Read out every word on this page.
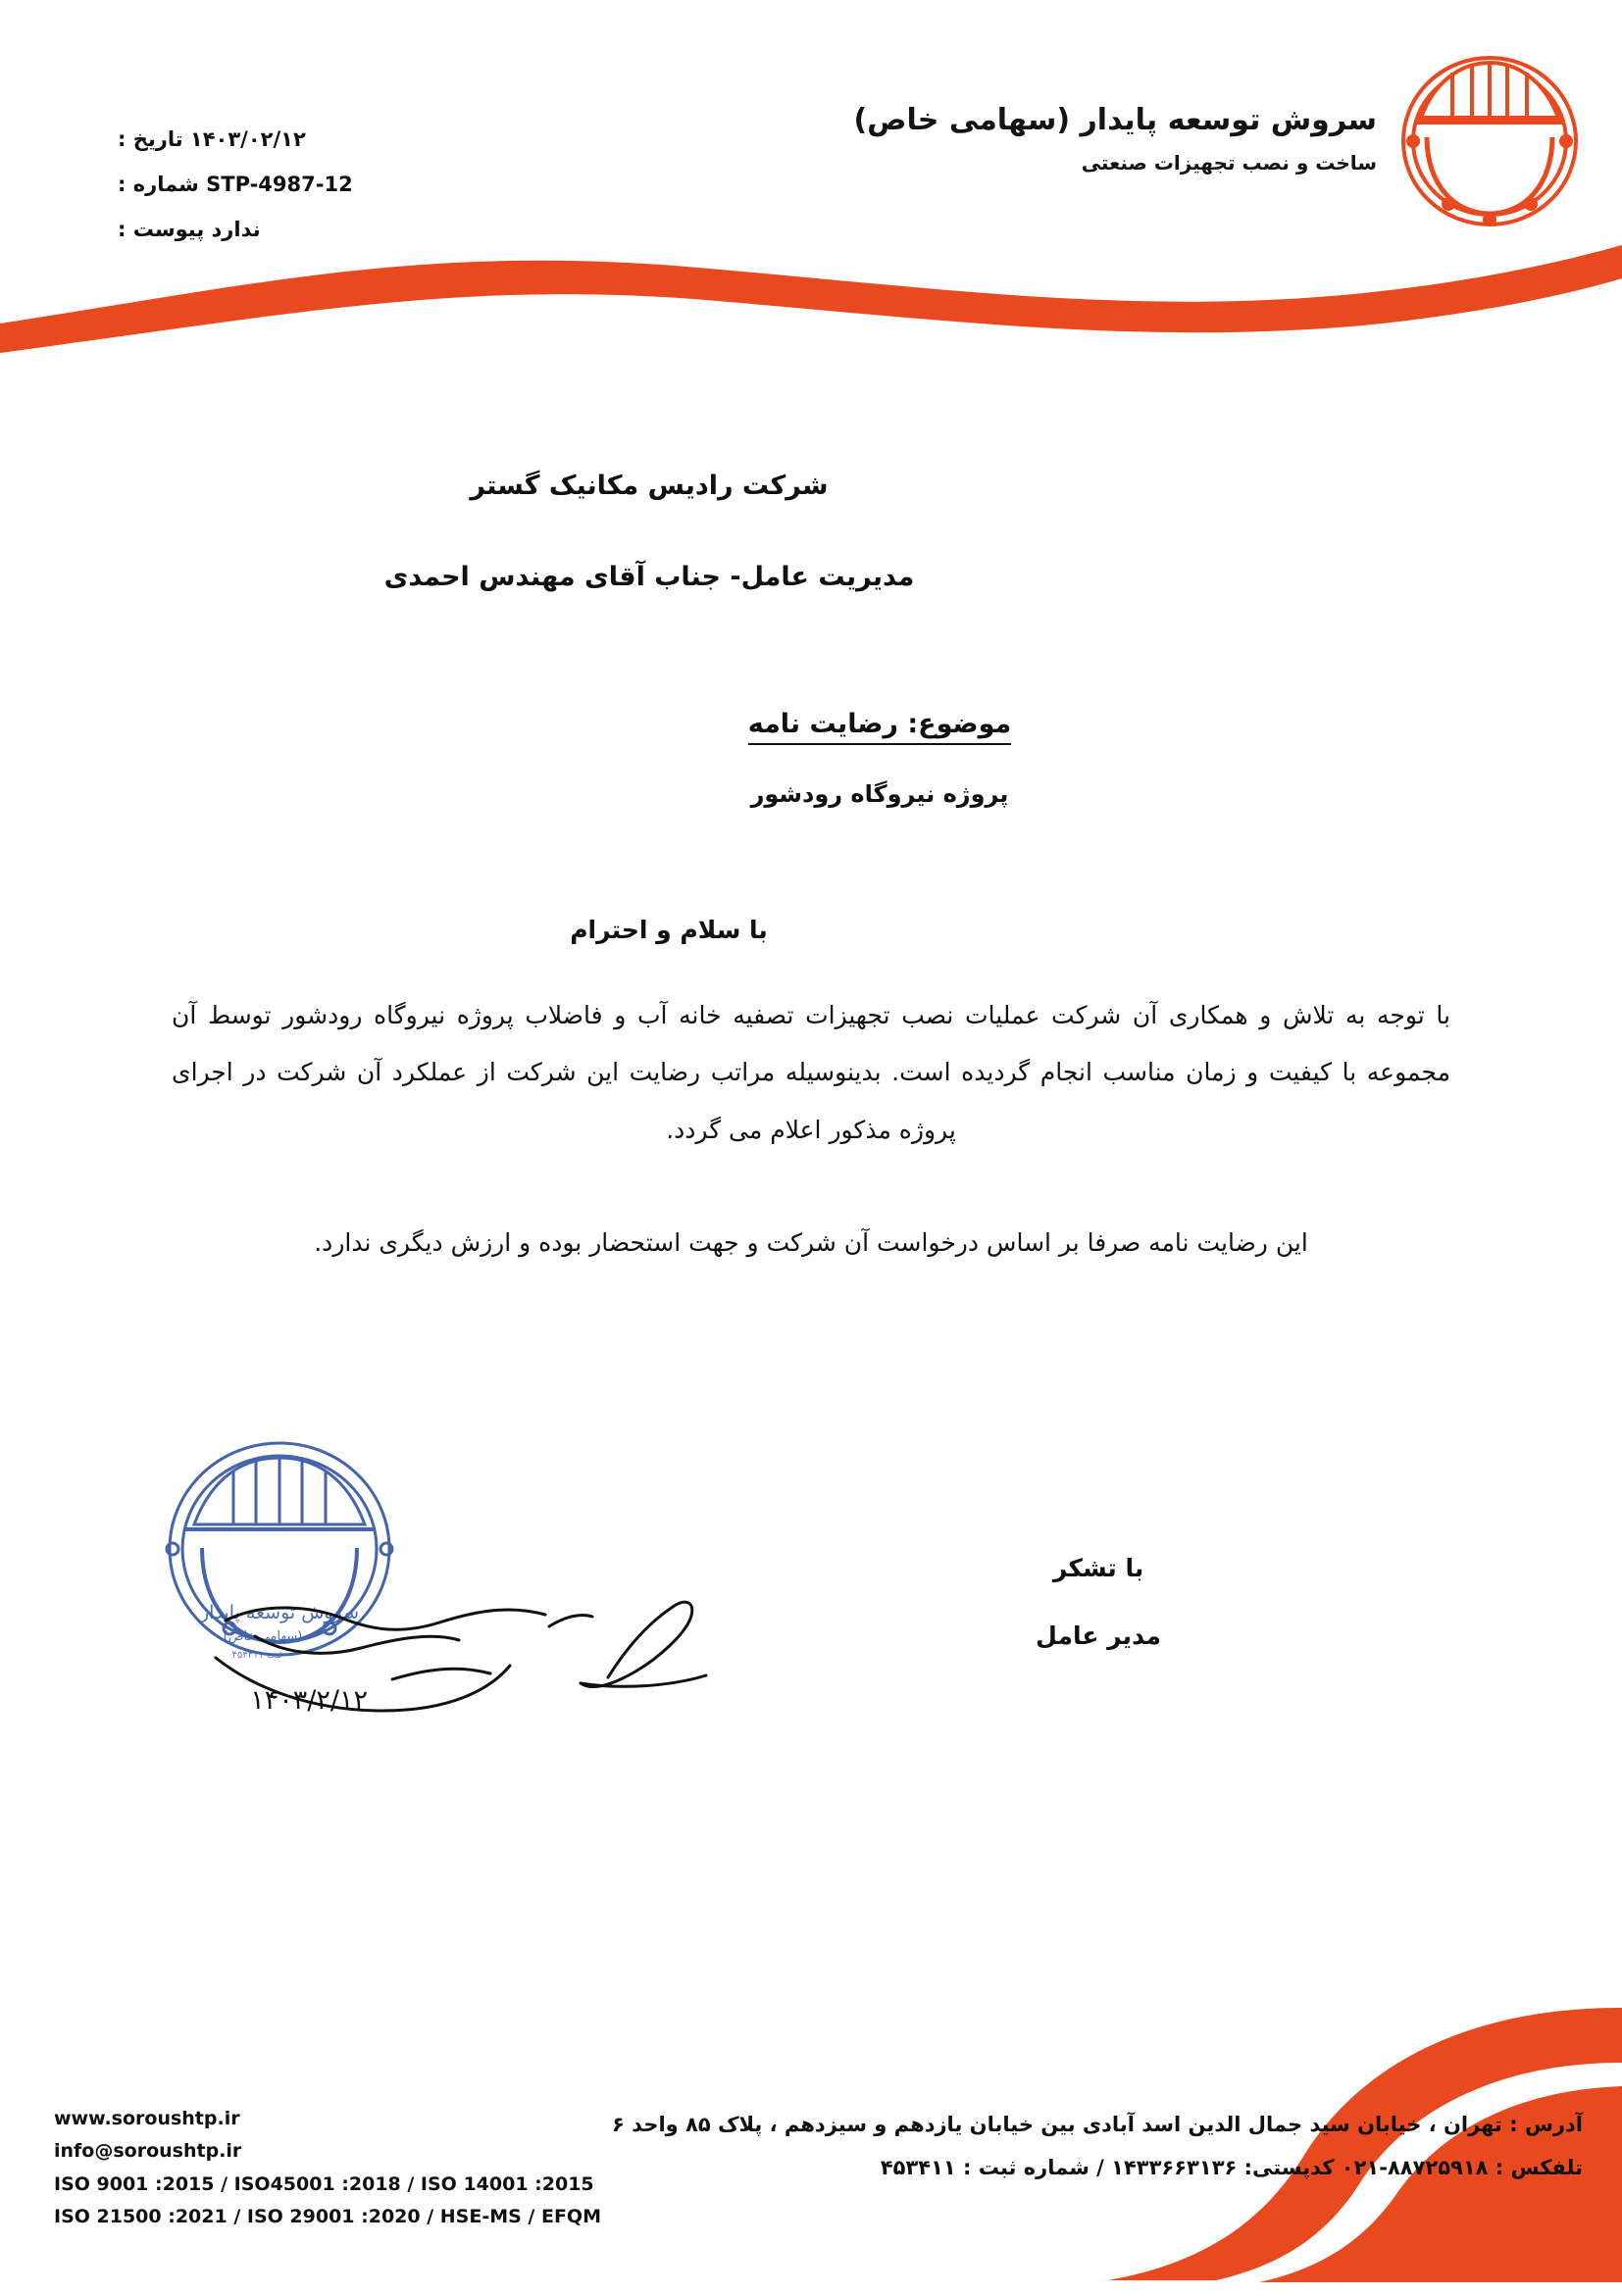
سروش توسعه پایدار (سهامی خاص)
ساخت و نصب تجهیزات صنعتی
۱۴۰۳/۰۲/۱۲ تاریخ :
STP-4987-12 شماره :
ندارد پیوست :
شرکت رادیس مکانیک گستر
مدیریت عامل- جناب آقای مهندس احمدی
موضوع: رضایت نامه
پروژه نیروگاه رودشور
با سلام و احترام
با توجه به تلاش و همکاری آن شرکت عملیات نصب تجهیزات تصفیه خانه آب و فاضلاب پروژه نیروگاه رودشور توسط آن مجموعه با کیفیت و زمان مناسب انجام گردیده است. بدینوسیله مراتب رضایت این شرکت از عملکرد آن شرکت در اجرای پروژه مذکور اعلام می گردد.
این رضایت نامه صرفا بر اساس درخواست آن شرکت و جهت استحضار بوده و ارزش دیگری ندارد.
سروش توسعه پایدار
(سهامی خاص)
ثبت ۴۵۳۴۱۱
۱۴۰۳/۲/۱۲
با تشکر
مدیر عامل
www.soroushtp.ir
info@soroushtp.ir
ISO 9001 :2015 / ISO45001 :2018 / ISO 14001 :2015
ISO 21500 :2021 / ISO 29001 :2020 / HSE-MS / EFQM
آدرس : تهران ، خیابان سید جمال الدین اسد آبادی بین خیابان یازدهم و سیزدهم ، پلاک ۸۵ واحد ۶
تلفکس : ۸۸۷۲۵۹۱۸-۰۲۱ کدپستی: ۱۴۳۳۶۶۳۱۳۶ / شماره ثبت : ۴۵۳۴۱۱
